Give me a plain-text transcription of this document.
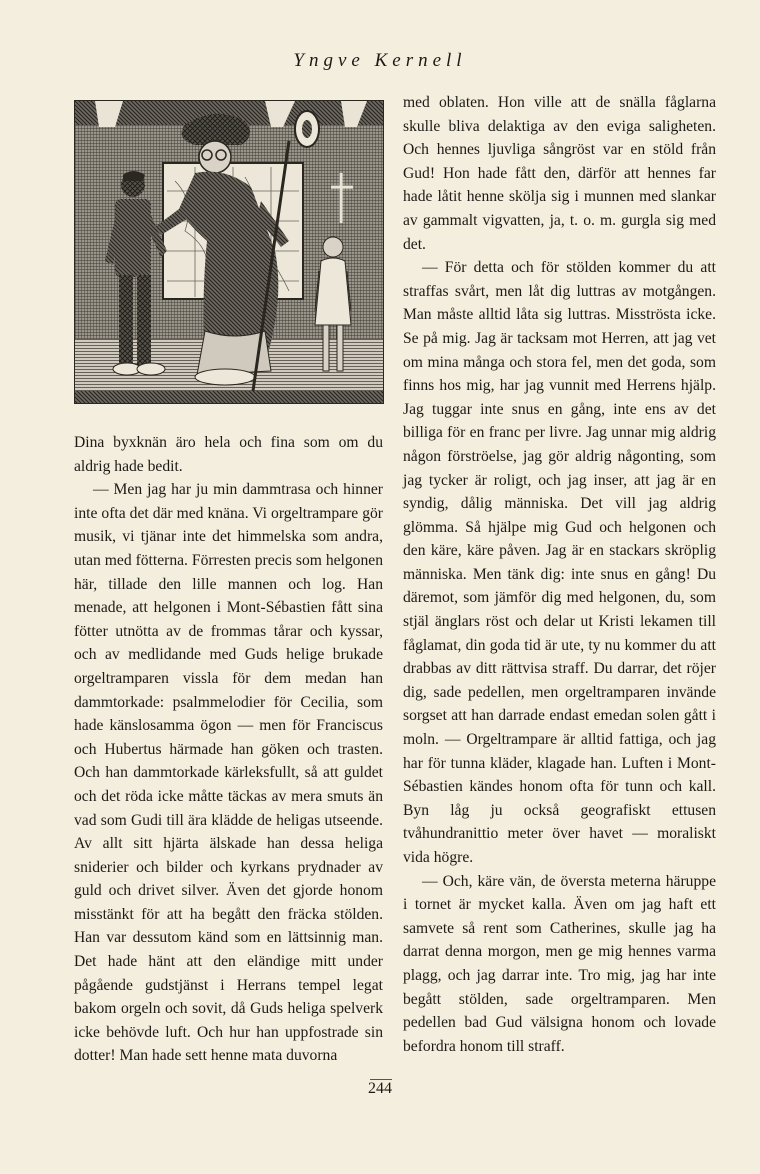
Yngve Kernell

Dina byxknän äro hela och fina som om du aldrig hade bedit.

— Men jag har ju min dammtrasa och hinner inte ofta det där med knäna. Vi orgeltrampare gör musik, vi tjänar inte det himmelska som andra, utan med fötterna. Förresten precis som helgonen här, tillade den lille mannen och log. Han menade, att helgonen i Mont-Sébastien fått sina fötter utnötta av de frommas tårar och kyssar, och av medlidande med Guds helige brukade orgeltramparen vissla för dem medan han dammtorkade: psalmmelodier för Cecilia, som hade känslosamma ögon — men för Franciscus och Hubertus härmade han göken och trasten. Och han dammtorkade kärleksfullt, så att guldet och det röda icke måtte täckas av mera smuts än vad som Gudi till ära klädde de heligas utseende. Av allt sitt hjärta älskade han dessa heliga sniderier och bilder och kyrkans prydnader av guld och drivet silver. Även det gjorde honom misstänkt för att ha begått den fräcka stölden. Han var dessutom känd som en lättsinnig man. Det hade hänt att den eländige mitt under pågående gudstjänst i Herrans tempel legat bakom orgeln och sovit, då Guds heliga spelverk icke behövde luft. Och hur han uppfostrade sin dotter! Man hade sett henne mata duvorna

med oblaten. Hon ville att de snälla fåglarna skulle bliva delaktiga av den eviga saligheten. Och hennes ljuvliga sångröst var en stöld från Gud! Hon hade fått den, därför att hennes far hade låtit henne skölja sig i munnen med slankar av gammalt vigvatten, ja, t. o. m. gurgla sig med det.

— För detta och för stölden kommer du att straffas svårt, men låt dig luttras av motgången. Man måste alltid låta sig luttras. Misströsta icke. Se på mig. Jag är tacksam mot Herren, att jag vet om mina många och stora fel, men det goda, som finns hos mig, har jag vunnit med Herrens hjälp. Jag tuggar inte snus en gång, inte ens av det billiga för en franc per livre. Jag unnar mig aldrig någon förströelse, jag gör aldrig någonting, som jag tycker är roligt, och jag inser, att jag är en syndig, dålig människa. Det vill jag aldrig glömma. Så hjälpe mig Gud och helgonen och den käre, käre påven. Jag är en stackars skröplig människa. Men tänk dig: inte snus en gång! Du däremot, som jämför dig med helgonen, du, som stjäl änglars röst och delar ut Kristi lekamen till fåglamat, din goda tid är ute, ty nu kommer du att drabbas av ditt rättvisa straff. Du darrar, det röjer dig, sade pedellen, men orgeltramparen invände sorgset att han darrade endast emedan solen gått i moln. — Orgeltrampare är alltid fattiga, och jag har för tunna kläder, klagade han. Luften i Mont-Sébastien kändes honom ofta för tunn och kall. Byn låg ju också geografiskt ettusen tvåhundranittio meter över havet — moraliskt vida högre.

— Och, käre vän, de översta meterna häruppe i tornet är mycket kalla. Även om jag haft ett samvete så rent som Catherines, skulle jag ha darrat denna morgon, men ge mig hennes varma plagg, och jag darrar inte. Tro mig, jag har inte begått stölden, sade orgeltramparen. Men pedellen bad Gud välsigna honom och lovade befordra honom till straff.

244
